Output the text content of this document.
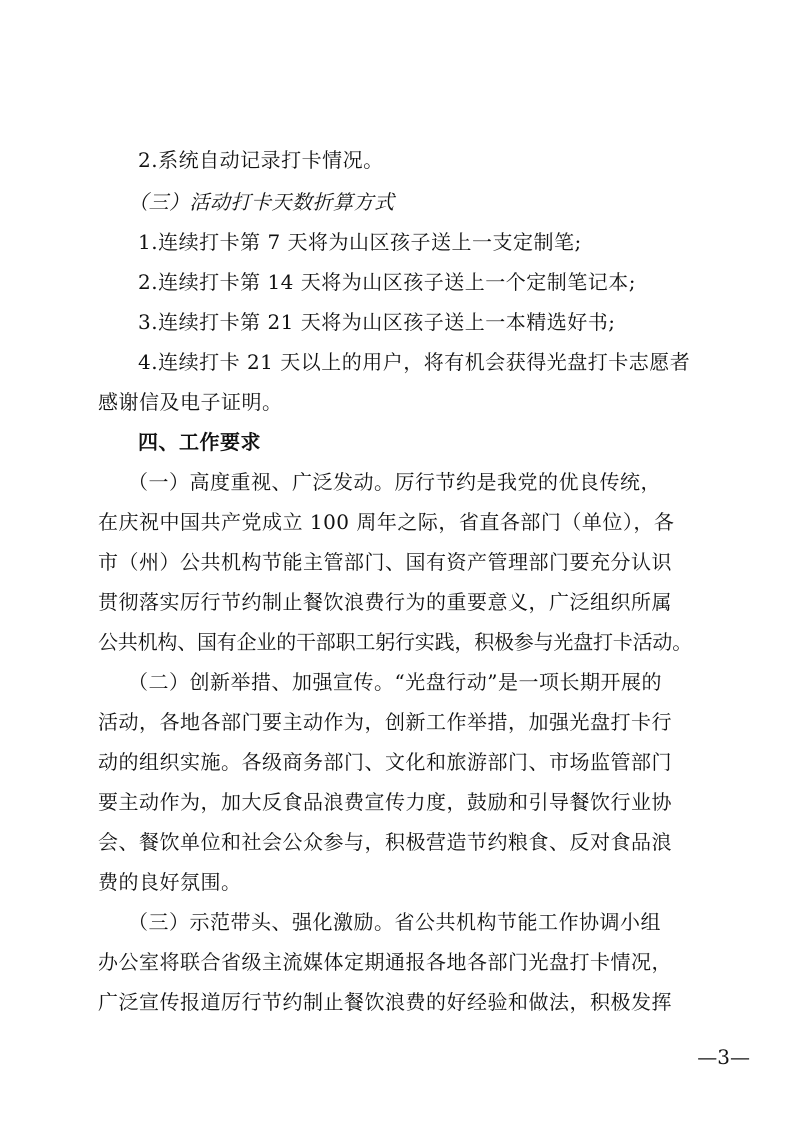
2.系统自动记录打卡情况。
（三）活动打卡天数折算方式
1.连续打卡第 7 天将为山区孩子送上一支定制笔;
2.连续打卡第 14 天将为山区孩子送上一个定制笔记本;
3.连续打卡第 21 天将为山区孩子送上一本精选好书;
4.连续打卡 21 天以上的用户，将有机会获得光盘打卡志愿者
感谢信及电子证明。
四、工作要求
（一）高度重视、广泛发动。厉行节约是我党的优良传统，
在庆祝中国共产党成立 100 周年之际，省直各部门（单位），各
市（州）公共机构节能主管部门、国有资产管理部门要充分认识
贯彻落实厉行节约制止餐饮浪费行为的重要意义，广泛组织所属
公共机构、国有企业的干部职工躬行实践，积极参与光盘打卡活动。
（二）创新举措、加强宣传。“光盘行动”是一项长期开展的
活动，各地各部门要主动作为，创新工作举措，加强光盘打卡行
动的组织实施。各级商务部门、文化和旅游部门、市场监管部门
要主动作为，加大反食品浪费宣传力度，鼓励和引导餐饮行业协
会、餐饮单位和社会公众参与，积极营造节约粮食、反对食品浪
费的良好氛围。
（三）示范带头、强化激励。省公共机构节能工作协调小组
办公室将联合省级主流媒体定期通报各地各部门光盘打卡情况，
广泛宣传报道厉行节约制止餐饮浪费的好经验和做法，积极发挥
—3—
